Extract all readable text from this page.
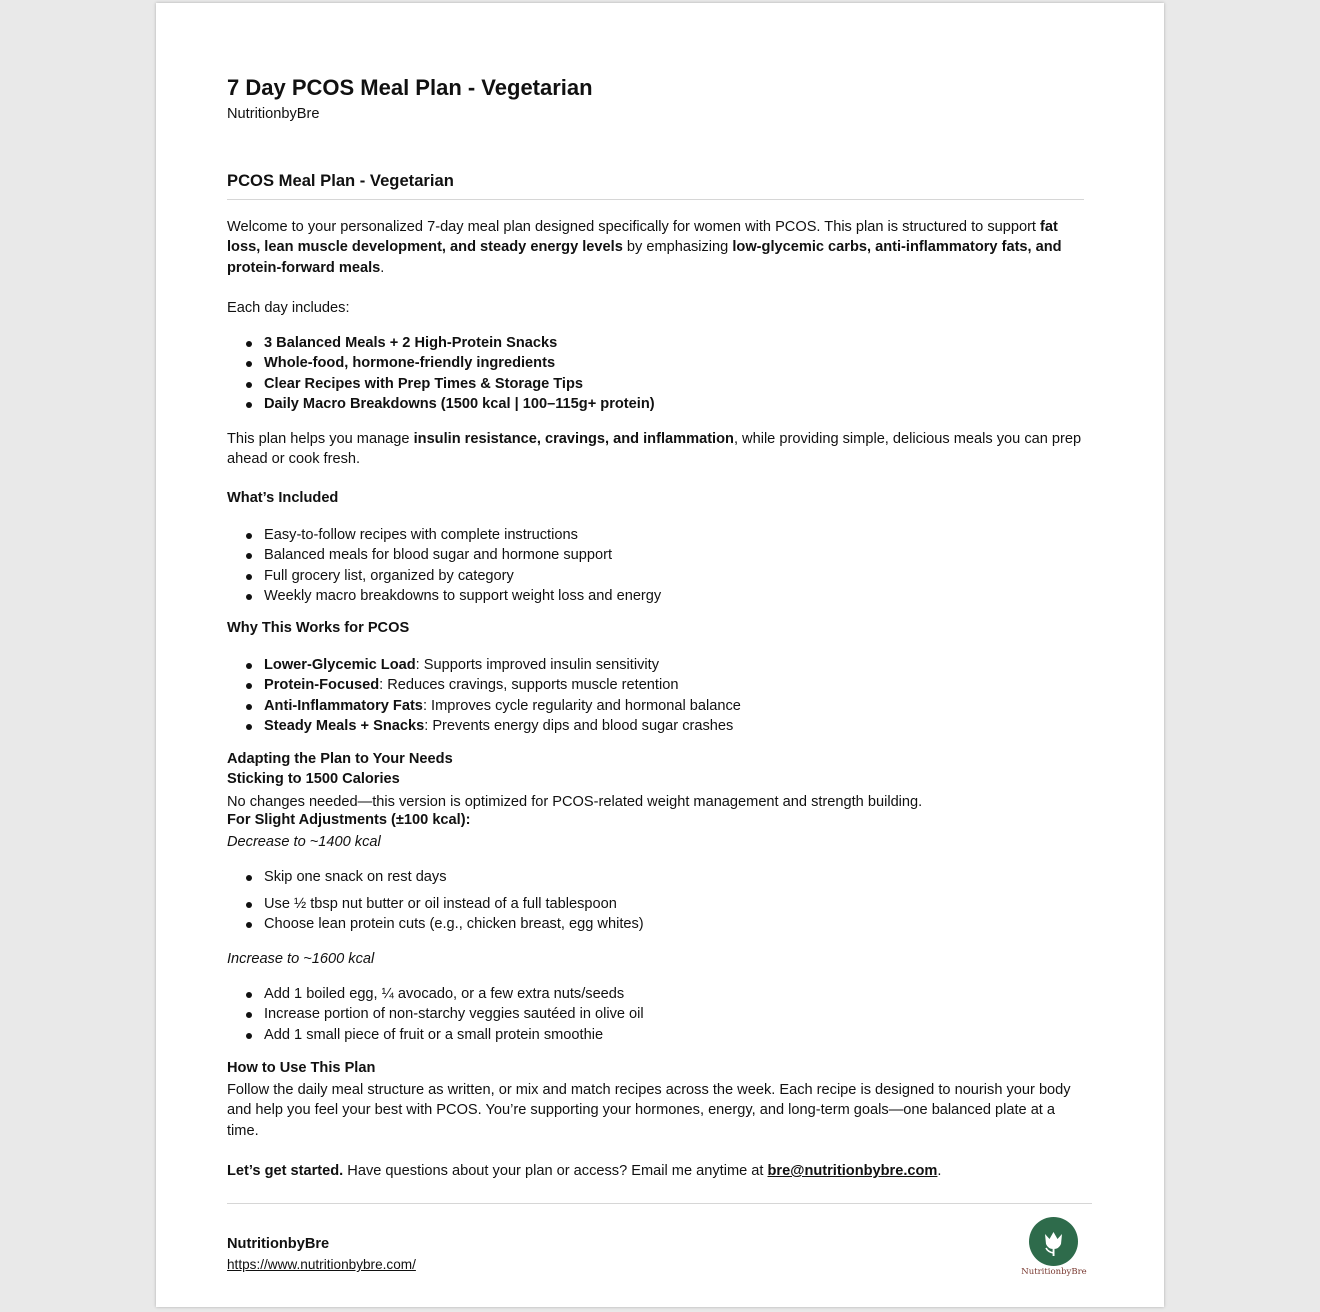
7 Day PCOS Meal Plan - Vegetarian
NutritionbyBre
PCOS Meal Plan - Vegetarian

Welcome to your personalized 7-day meal plan designed specifically for women with PCOS. This plan is structured to support fat loss, lean muscle development, and steady energy levels by emphasizing low-glycemic carbs, anti-inflammatory fats, and protein-forward meals.

Each day includes:
3 Balanced Meals + 2 High-Protein Snacks
Whole-food, hormone-friendly ingredients
Clear Recipes with Prep Times & Storage Tips
Daily Macro Breakdowns (1500 kcal | 100–115g+ protein)

This plan helps you manage insulin resistance, cravings, and inflammation, while providing simple, delicious meals you can prep ahead or cook fresh.

What’s Included
Easy-to-follow recipes with complete instructions
Balanced meals for blood sugar and hormone support
Full grocery list, organized by category
Weekly macro breakdowns to support weight loss and energy
Why This Works for PCOS
Lower-Glycemic Load: Supports improved insulin sensitivity
Protein-Focused: Reduces cravings, supports muscle retention
Anti-Inflammatory Fats: Improves cycle regularity and hormonal balance
Steady Meals + Snacks: Prevents energy dips and blood sugar crashes
Adapting the Plan to Your Needs
Sticking to 1500 Calories
No changes needed—this version is optimized for PCOS-related weight management and strength building.
For Slight Adjustments (±100 kcal):
Decrease to ~1400 kcal
Skip one snack on rest days
Use ½ tbsp nut butter or oil instead of a full tablespoon
Choose lean protein cuts (e.g., chicken breast, egg whites)
Increase to ~1600 kcal
Add 1 boiled egg, ¼ avocado, or a few extra nuts/seeds
Increase portion of non-starchy veggies sautéed in olive oil
Add 1 small piece of fruit or a small protein smoothie
How to Use This Plan

Follow the daily meal structure as written, or mix and match recipes across the week. Each recipe is designed to nourish your body and help you feel your best with PCOS. You’re supporting your hormones, energy, and long-term goals—one balanced plate at a time.

Let’s get started. Have questions about your plan or access? Email me anytime at bre@nutritionbybre.com.

NutritionbyBre
https://www.nutritionbybre.com/	NutritionbyBre
